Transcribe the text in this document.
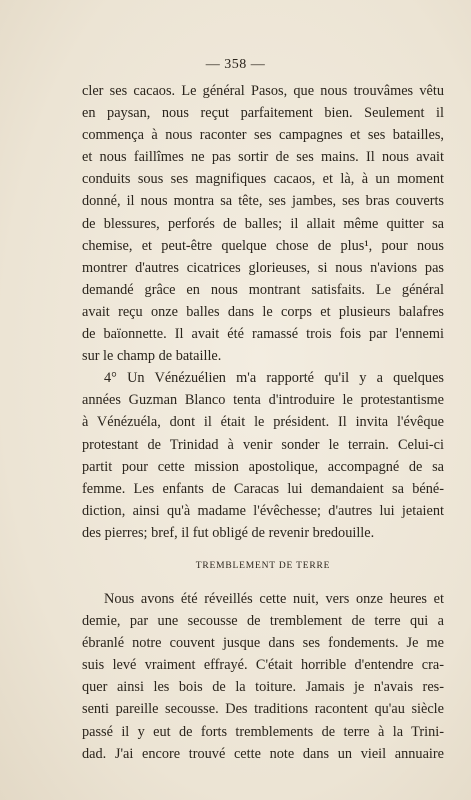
— 358 —
cler ses cacaos. Le général Pasos, que nous trouvâmes vêtu
en paysan, nous reçut parfaitement bien. Seulement il
commença à nous raconter ses campagnes et ses batailles,
et nous faillîmes ne pas sortir de ses mains. Il nous avait
conduits sous ses magnifiques cacaos, et là, à un moment
donné, il nous montra sa tête, ses jambes, ses bras couverts
de blessures, perforés de balles; il allait même quitter sa
chemise, et peut-être quelque chose de plus¹, pour nous
montrer d'autres cicatrices glorieuses, si nous n'avions pas
demandé grâce en nous montrant satisfaits. Le général
avait reçu onze balles dans le corps et plusieurs balafres
de baïonnette. Il avait été ramassé trois fois par l'ennemi
sur le champ de bataille.
4° Un Vénézuélien m'a rapporté qu'il y a quelques
années Guzman Blanco tenta d'introduire le protestantisme
à Vénézuéla, dont il était le président. Il invita l'évêque
protestant de Trinidad à venir sonder le terrain. Celui-ci
partit pour cette mission apostolique, accompagné de sa
femme. Les enfants de Caracas lui demandaient sa béné-
diction, ainsi qu'à madame l'évêchesse; d'autres lui jetaient
des pierres; bref, il fut obligé de revenir bredouille.
TREMBLEMENT DE TERRE
Nous avons été réveillés cette nuit, vers onze heures et
demie, par une secousse de tremblement de terre qui a
ébranlé notre couvent jusque dans ses fondements. Je me
suis levé vraiment effrayé. C'était horrible d'entendre cra-
quer ainsi les bois de la toiture. Jamais je n'avais res-
senti pareille secousse. Des traditions racontent qu'au siècle
passé il y eut de forts tremblements de terre à la Trini-
dad. J'ai encore trouvé cette note dans un vieil annuaire
